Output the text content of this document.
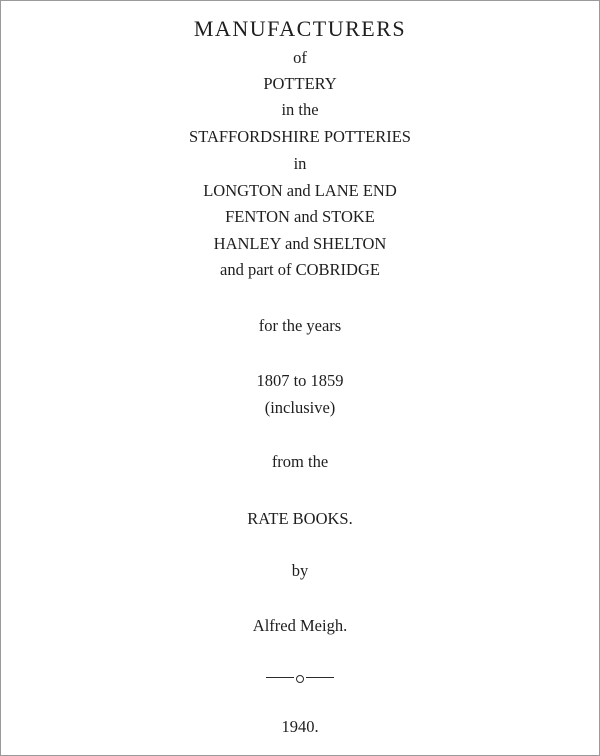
MANUFACTURERS
of
POTTERY
in the
STAFFORDSHIRE POTTERIES
in
LONGTON and LANE END
FENTON and STOKE
HANLEY and SHELTON
and part of COBRIDGE
for the years
1807 to 1859
(inclusive)
from the
RATE BOOKS.
by
Alfred Meigh.
1940.
